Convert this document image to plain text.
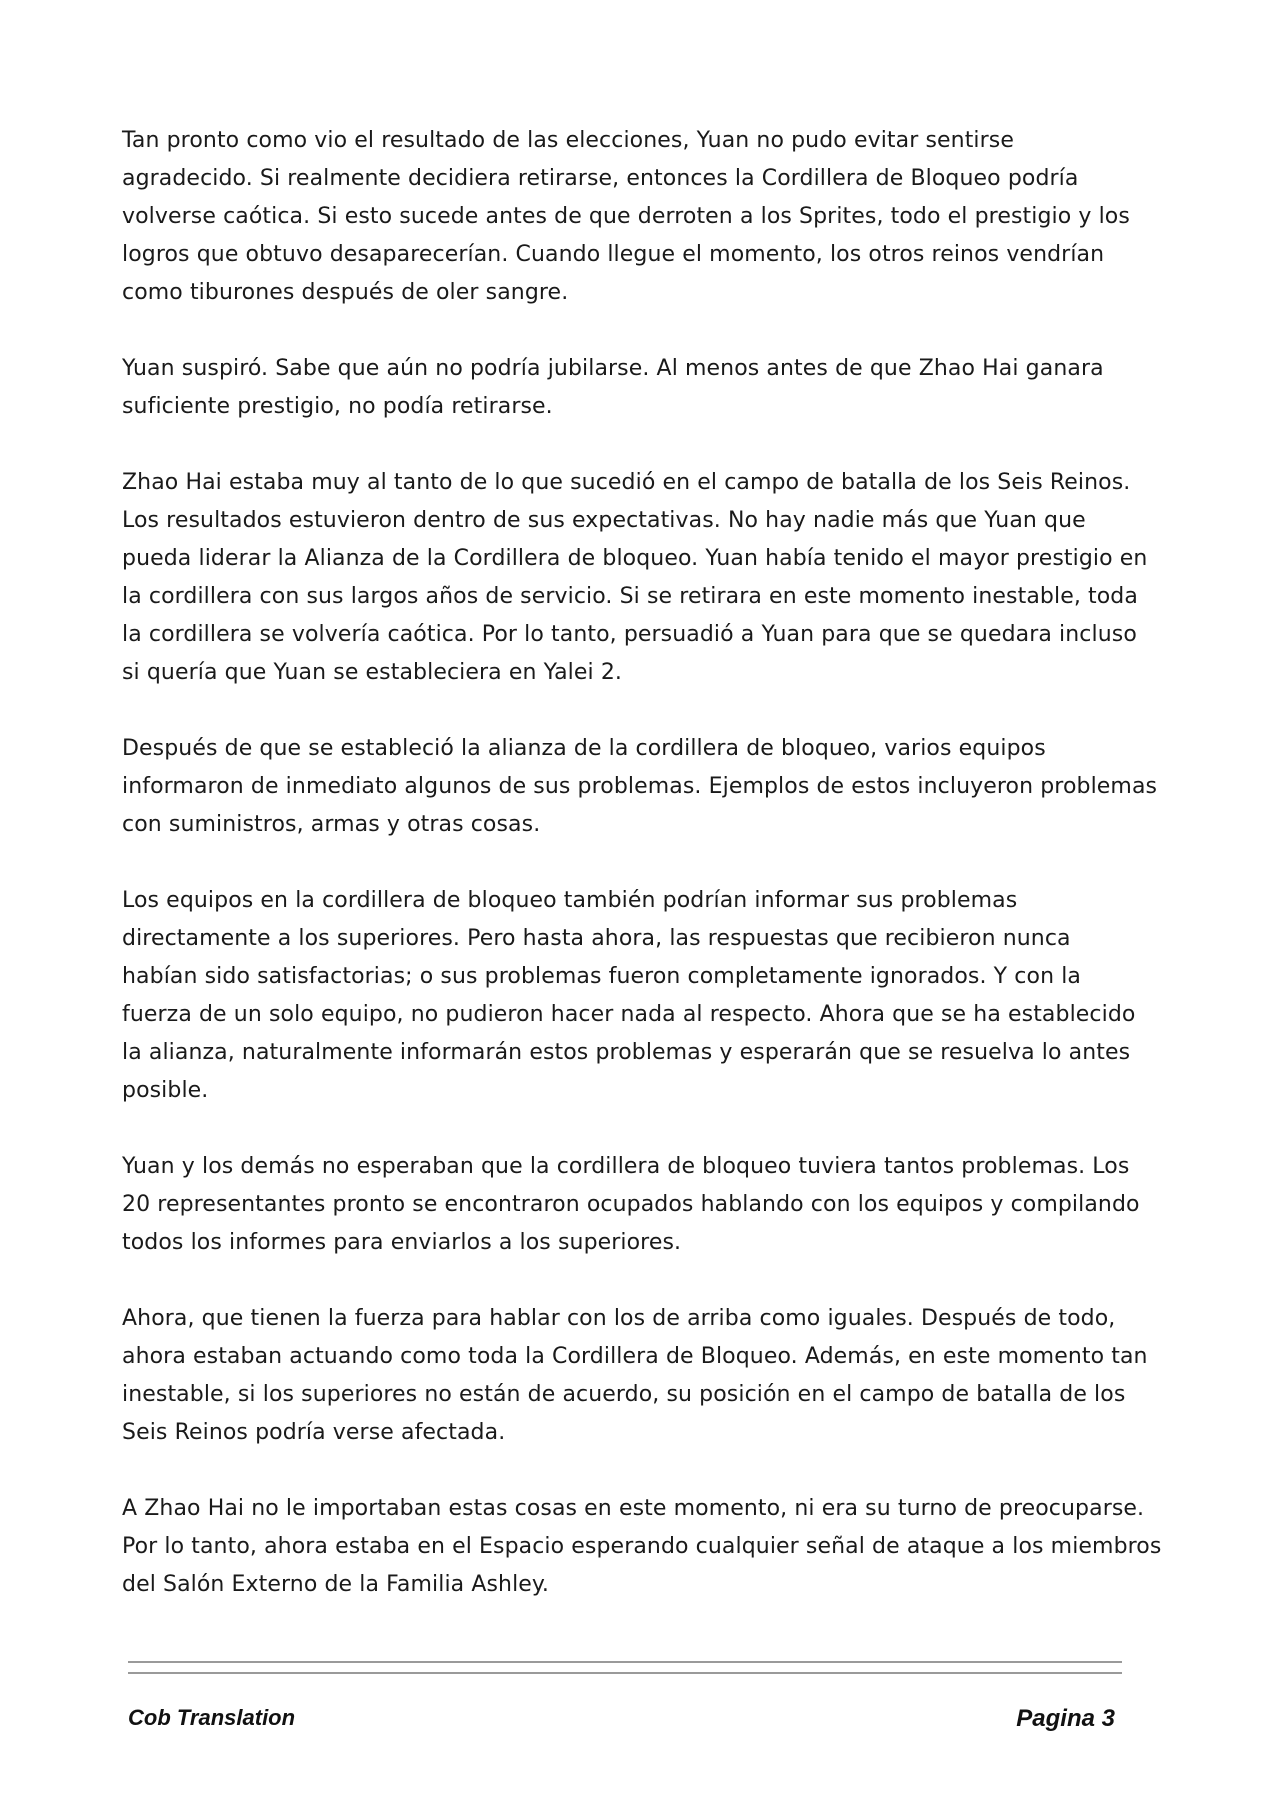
Tan pronto como vio el resultado de las elecciones, Yuan no pudo evitar sentirse
agradecido. Si realmente decidiera retirarse, entonces la Cordillera de Bloqueo podría
volverse caótica. Si esto sucede antes de que derroten a los Sprites, todo el prestigio y los
logros que obtuvo desaparecerían. Cuando llegue el momento, los otros reinos vendrían
como tiburones después de oler sangre.

Yuan suspiró. Sabe que aún no podría jubilarse. Al menos antes de que Zhao Hai ganara
suficiente prestigio, no podía retirarse.

Zhao Hai estaba muy al tanto de lo que sucedió en el campo de batalla de los Seis Reinos.
Los resultados estuvieron dentro de sus expectativas. No hay nadie más que Yuan que
pueda liderar la Alianza de la Cordillera de bloqueo. Yuan había tenido el mayor prestigio en
la cordillera con sus largos años de servicio. Si se retirara en este momento inestable, toda
la cordillera se volvería caótica. Por lo tanto, persuadió a Yuan para que se quedara incluso
si quería que Yuan se estableciera en Yalei 2.

Después de que se estableció la alianza de la cordillera de bloqueo, varios equipos
informaron de inmediato algunos de sus problemas. Ejemplos de estos incluyeron problemas
con suministros, armas y otras cosas.

Los equipos en la cordillera de bloqueo también podrían informar sus problemas
directamente a los superiores. Pero hasta ahora, las respuestas que recibieron nunca
habían sido satisfactorias; o sus problemas fueron completamente ignorados. Y con la
fuerza de un solo equipo, no pudieron hacer nada al respecto. Ahora que se ha establecido
la alianza, naturalmente informarán estos problemas y esperarán que se resuelva lo antes
posible.

Yuan y los demás no esperaban que la cordillera de bloqueo tuviera tantos problemas. Los
20 representantes pronto se encontraron ocupados hablando con los equipos y compilando
todos los informes para enviarlos a los superiores.

Ahora, que tienen la fuerza para hablar con los de arriba como iguales. Después de todo,
ahora estaban actuando como toda la Cordillera de Bloqueo. Además, en este momento tan
inestable, si los superiores no están de acuerdo, su posición en el campo de batalla de los
Seis Reinos podría verse afectada.

A Zhao Hai no le importaban estas cosas en este momento, ni era su turno de preocuparse.
Por lo tanto, ahora estaba en el Espacio esperando cualquier señal de ataque a los miembros
del Salón Externo de la Familia Ashley.

Cob Translation	Pagina 3
